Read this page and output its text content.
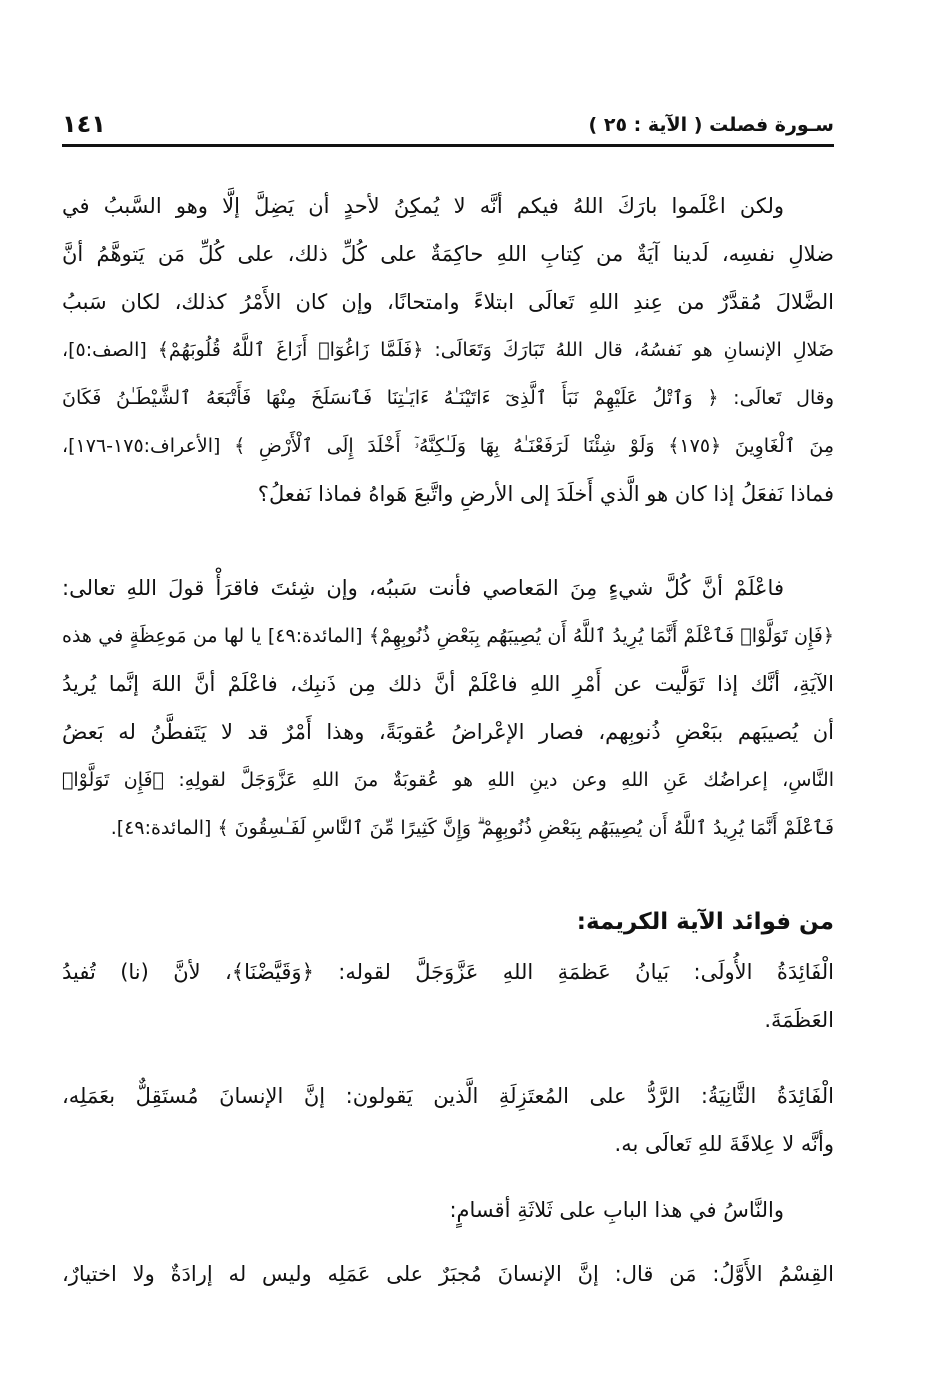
سـورة فصلت ( الآية : ٢٥ )
١٤١
ولكن اعْلَموا بارَكَ اللهُ فيكم أنَّه لا يُمكِنُ لأحدٍ أن يَضِلَّ إلَّا وهو السَّببُ في
ضلالِ نفسِه، لَدينا آيَةٌ من كِتابِ اللهِ حاكِمَةٌ على كُلِّ ذلك، على كُلِّ مَن يَتوهَّمُ أنَّ
الضَّلالَ مُقدَّرٌ من عِندِ اللهِ تَعالَى ابتلاءً وامتحانًا، وإن كان الأَمْرُ كذلك، لكان سَببُ
ضَلالِ الإنسانِ هو نَفسُهُ، قال اللهُ تَبَارَكَ وَتَعَالَى: ﴿فَلَمَّا زَاغُوٓا۟ أَزَاغَ ٱللَّهُ قُلُوبَهُمْ﴾ [الصف:٥]،
وقال تَعالَى: ﴿ وَٱتْلُ عَلَيْهِمْ نَبَأَ ٱلَّذِىٓ ءَاتَيْنَـٰهُ ءَايَـٰتِنَا فَٱنسَلَخَ مِنْهَا فَأَتْبَعَهُ ٱلشَّيْطَـٰنُ فَكَانَ
مِنَ ٱلْغَاوِينَ ﴿١٧٥﴾ وَلَوْ شِئْنَا لَرَفَعْنَـٰهُ بِهَا وَلَـٰكِنَّهُۥٓ أَخْلَدَ إِلَى ٱلْأَرْضِ ﴾ [الأعراف:١٧٥-١٧٦]،
فماذا نَفعَلُ إذا كان هو الَّذي أَخلَدَ إلى الأرضِ واتَّبعَ هَواهُ فماذا نَفعلُ؟
فاعْلَمْ أنَّ كُلَّ شيءٍ مِنَ المَعاصي فأنت سَببُه، وإن شِئتَ فاقرَأْ قولَ اللهِ تعالى:
﴿فَإِن تَوَلَّوْا۟ فَٱعْلَمْ أَنَّمَا يُرِيدُ ٱللَّهُ أَن يُصِيبَهُم بِبَعْضِ ذُنُوبِهِمْ﴾ [المائدة:٤٩] يا لها من مَوعِظَةٍ في هذه
الآيَةِ، أنَّك إذا تَوَلَّيت عن أَمْرِ اللهِ فاعْلَمْ أنَّ ذلك مِن ذَنبِك، فاعْلَمْ أنَّ اللهَ إنَّما يُريدُ
أن يُصيبَهم ببَعْضِ ذُنوبِهم، فصار الإعْراضُ عُقوبَةً، وهذا أَمْرٌ قد لا يَتَفطَّنُ له بَعضُ
النَّاسِ، إعراضُك عَنِ اللهِ وعن دينِ اللهِ هو عُقوبَةٌ منَ اللهِ عَزَّوَجَلَّ لقولِهِ: ﴿فَإِن تَوَلَّوْا۟
فَٱعْلَمْ أَنَّمَا يُرِيدُ ٱللَّهُ أَن يُصِيبَهُم بِبَعْضِ ذُنُوبِهِمْ ۗ وَإِنَّ كَثِيرًا مِّنَ ٱلنَّاسِ لَفَـٰسِقُونَ ﴾ [المائدة:٤٩].
من فوائد الآية الكريمة:
الْفَائِدَةُ الأُولَى: بَيانُ عَظمَةِ اللهِ عَزَّوَجَلَّ لقوله: ﴿وَقَيَّضْنَا﴾، لأنَّ (نا) تُفيدُ
العَظَمَةَ.
الْفَائِدَةُ الثَّانِيَةُ: الرَّدُّ على المُعتَزِلَةِ الَّذين يَقولون: إنَّ الإنسانَ مُستَقِلٌّ بعَمَلِه،
وأنَّه لا عِلاقَةَ للهِ تَعالَى به.
والنَّاسُ في هذا البابِ على ثَلاثَةِ أقسامٍ:
القِسْمُ الأَوَّلُ: مَن قال: إنَّ الإنسانَ مُجبَرٌ على عَمَلِه وليس له إرادَةٌ ولا اختيارٌ،
